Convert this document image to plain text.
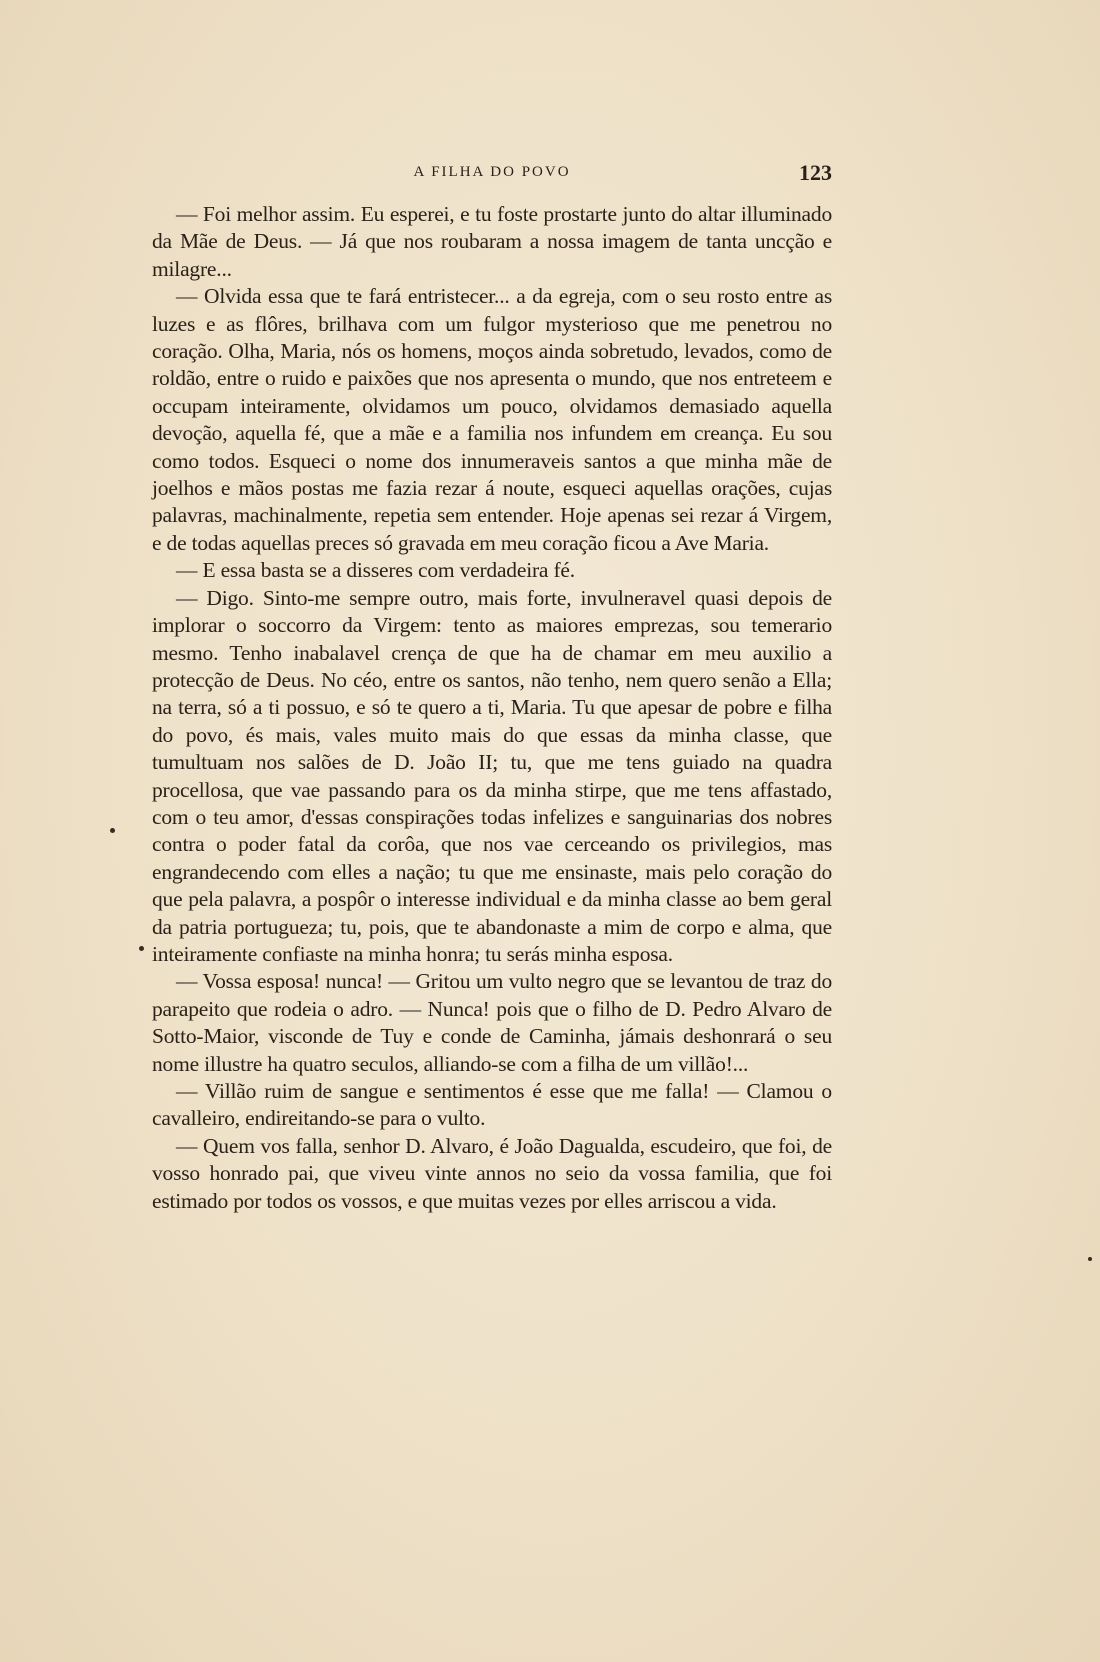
A FILHA DO POVO	123

— Foi melhor assim. Eu esperei, e tu foste prostarte junto do altar illuminado da Mãe de Deus. — Já que nos roubaram a nossa imagem de tanta uncção e milagre...

— Olvida essa que te fará entristecer... a da egreja, com o seu rosto entre as luzes e as flôres, brilhava com um fulgor mysterioso que me penetrou no coração. Olha, Maria, nós os homens, moços ainda sobretudo, levados, como de roldão, entre o ruido e paixões que nos apresenta o mundo, que nos entreteem e occupam inteiramente, olvidamos um pouco, olvidamos demasiado aquella devoção, aquella fé, que a mãe e a familia nos infundem em creança. Eu sou como todos. Esqueci o nome dos innumeraveis santos a que minha mãe de joelhos e mãos postas me fazia rezar á noute, esqueci aquellas orações, cujas palavras, machinalmente, repetia sem entender. Hoje apenas sei rezar á Virgem, e de todas aquellas preces só gravada em meu coração ficou a Ave Maria.

— E essa basta se a disseres com verdadeira fé.

— Digo. Sinto-me sempre outro, mais forte, invulneravel quasi depois de implorar o soccorro da Virgem: tento as maiores emprezas, sou temerario mesmo. Tenho inabalavel crença de que ha de chamar em meu auxilio a protecção de Deus. No céo, entre os santos, não tenho, nem quero senão a Ella; na terra, só a ti possuo, e só te quero a ti, Maria. Tu que apesar de pobre e filha do povo, és mais, vales muito mais do que essas da minha classe, que tumultuam nos salões de D. João II; tu, que me tens guiado na quadra procellosa, que vae passando para os da minha stirpe, que me tens affastado, com o teu amor, d'essas conspirações todas infelizes e sanguinarias dos nobres contra o poder fatal da corôa, que nos vae cerceando os privilegios, mas engrandecendo com elles a nação; tu que me ensinaste, mais pelo coração do que pela palavra, a pospôr o interesse individual e da minha classe ao bem geral da patria portugueza; tu, pois, que te abandonaste a mim de corpo e alma, que inteiramente confiaste na minha honra; tu serás minha esposa.

— Vossa esposa! nunca! — Gritou um vulto negro que se levantou de traz do parapeito que rodeia o adro. — Nunca! pois que o filho de D. Pedro Alvaro de Sotto-Maior, visconde de Tuy e conde de Caminha, jámais deshonrará o seu nome illustre ha quatro seculos, alliando-se com a filha de um villão!...

— Villão ruim de sangue e sentimentos é esse que me falla! — Clamou o cavalleiro, endireitando-se para o vulto.

— Quem vos falla, senhor D. Alvaro, é João Dagualda, escudeiro, que foi, de vosso honrado pai, que viveu vinte annos no seio da vossa familia, que foi estimado por todos os vossos, e que muitas vezes por elles arriscou a vida.
